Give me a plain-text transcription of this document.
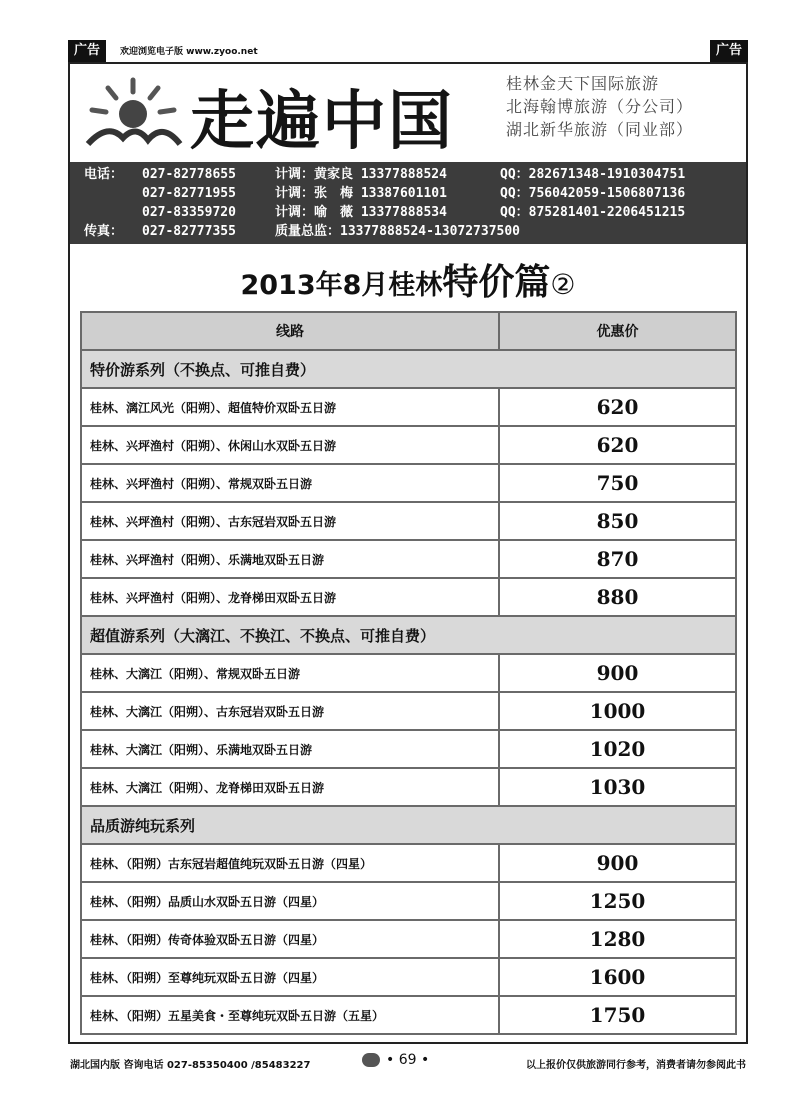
广告	欢迎浏览电子版 www.zyoo.net	广告
走遍中国
桂林金天下国际旅游
北海翰博旅游（分公司）
湖北新华旅游（同业部）
电话： 027-82778655	计调：黄家良 13377888524	QQ：282671348-1910304751
027-82771955	计调：张　梅 13387601101	QQ：756042059-1506807136
027-83359720	计调：喻　薇 13377888534	QQ：875281401-2206451215
传真： 027-82777355	质量总监：13377888524-13072737500
2013年8月桂林特价篇②
线路	优惠价
特价游系列（不换点、可推自费）	
桂林、漓江风光（阳朔）、超值特价双卧五日游	620
桂林、兴坪渔村（阳朔）、休闲山水双卧五日游	620
桂林、兴坪渔村（阳朔）、常规双卧五日游	750
桂林、兴坪渔村（阳朔）、古东冠岩双卧五日游	850
桂林、兴坪渔村（阳朔）、乐满地双卧五日游	870
桂林、兴坪渔村（阳朔）、龙脊梯田双卧五日游	880
超值游系列（大漓江、不换江、不换点、可推自费）	
桂林、大漓江（阳朔）、常规双卧五日游	900
桂林、大漓江（阳朔）、古东冠岩双卧五日游	1000
桂林、大漓江（阳朔）、乐满地双卧五日游	1020
桂林、大漓江（阳朔）、龙脊梯田双卧五日游	1030
品质游纯玩系列	
桂林、（阳朔）古东冠岩超值纯玩双卧五日游（四星）	900
桂林、（阳朔）品质山水双卧五日游（四星）	1250
桂林、（阳朔）传奇体验双卧五日游（四星）	1280
桂林、（阳朔）至尊纯玩双卧五日游（四星）	1600
桂林、（阳朔）五星美食・至尊纯玩双卧五日游（五星）	1750
湖北国内版 咨询电话 027-85350400 /85483227	• 69 •	以上报价仅供旅游同行参考，消费者请勿参阅此书
